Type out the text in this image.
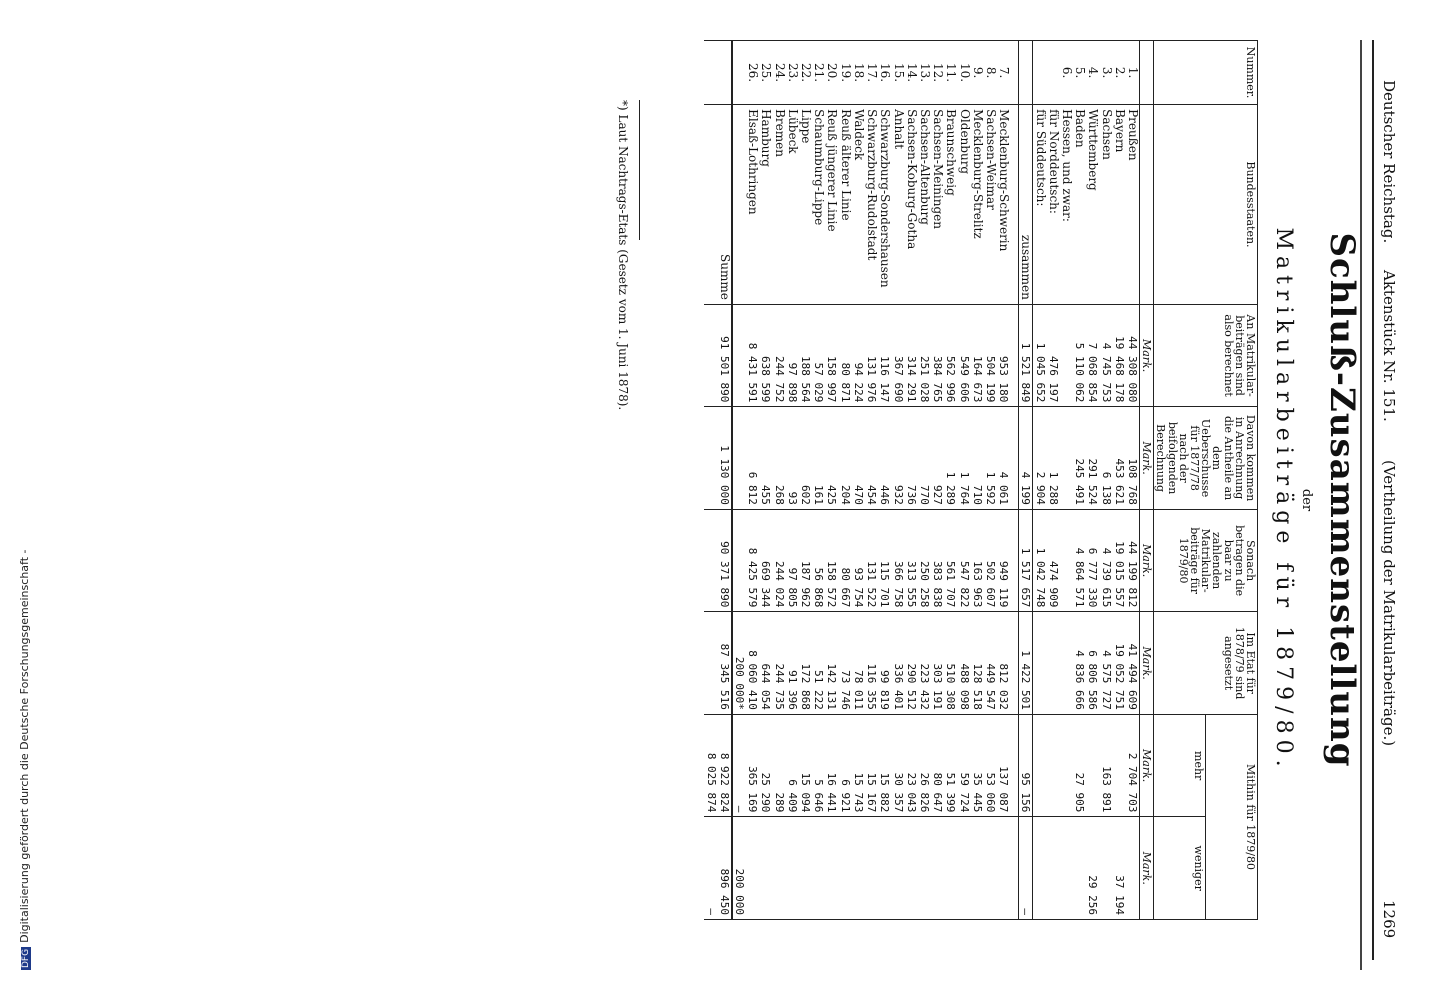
Deutscher Reichstag.
Aktenstück Nr. 151.
(Vertheilung der Matrikularbeiträge.)
1269
Schluß-Zusammenstellung
der
Matrikularbeiträge für 1879/80.
Nummer.	Bundesstaaten.	An Matrikular-beiträgen sind also berechnet	Davon kommen in Anrechnung die Antheile an dem Ueberschusse für 1877/78 nach der beifolgenden Berechnung	Sonach betragen die baar zu zahlenden Matrikular-beiträge für 1879/80	Im Etat für 1878/79 sind angesetzt	Mithin für 1879/80	
						mehr	weniger
		Mark.	Mark.	Mark.	Mark.	Mark.	Mark.
1.	Preußen	44 308 080	108 768	44 199 812	41 494 609	2 704 703	
2.	Bayern	19 468 178	453 621	19 015 557	19 052 751		37 194
3.	Sachsen	4 745 753	6 138	4 739 615	4 575 727	163 891	
4.	Württemberg	7 068 854	291 524	6 777 330	6 806 586		29 256
5.	Baden	5 110 062	245 491	4 864 571	4 836 666	27 905	
6.	Hessen, und zwar:						
	für Norddeutsch:	476 197	1 288	474 909			
	für Süddeutsch:	1 045 652	2 904	1 042 748			
	zusammen	1 521 849	4 199	1 517 657	1 422 501	95 156	—

7.	Mecklenburg-Schwerin	953 180	4 061	949 119	812 032	137 087	
8.	Sachsen-Weimar	504 199	1 592	502 607	449 547	53 060	
9.	Mecklenburg-Strelitz	164 673	710	163 963	128 518	35 445	
10.	Oldenburg	549 606	1 764	547 822	488 098	59 724	
11.	Braunschweig	562 996	1 289	561 707	510 308	51 399	
12.	Sachsen-Meiningen	384 765	927	383 838	303 191	80 647	
13.	Sachsen-Altenburg	251 028	770	250 258	223 432	26 826	
14.	Sachsen-Koburg-Gotha	314 291	736	313 555	290 512	23 043	
15.	Anhalt	367 690	932	366 758	336 401	30 357	
16.	Schwarzburg-Sondershausen	116 147	446	115 701	99 819	15 882	
17.	Schwarzburg-Rudolstadt	131 976	454	131 522	116 355	15 167	
18.	Waldeck	94 224	470	93 754	78 011	15 743	
19.	Reuß älterer Linie	80 871	204	80 667	73 746	6 921	
20.	Reuß jüngerer Linie	158 997	425	158 572	142 131	16 441	
21.	Schaumburg-Lippe	57 029	161	56 868	51 222	5 646	
22.	Lippe	188 564	602	187 962	172 868	15 094	
23.	Lübeck	97 898	93	97 805	91 396	6 409	
24.	Bremen	244 752	268	244 024	244 735	289	
25.	Hamburg	638 599	455	669 344	644 054	25 290	
26.	Elsaß-Lothringen	8 431 591	6 812	8 425 579	8 060 410	365 169	
					200 000*	—	200 000
	Summe	91 501 890	1 130 000	90 371 890	87 345 516	8 922 824	896 450
						8 025 874	—
*) Laut Nachtrags-Etats (Gesetz vom 1. Juni 1878).
DFGDigitalisierung gefördert durch die Deutsche Forschungsgemeinschaft -
